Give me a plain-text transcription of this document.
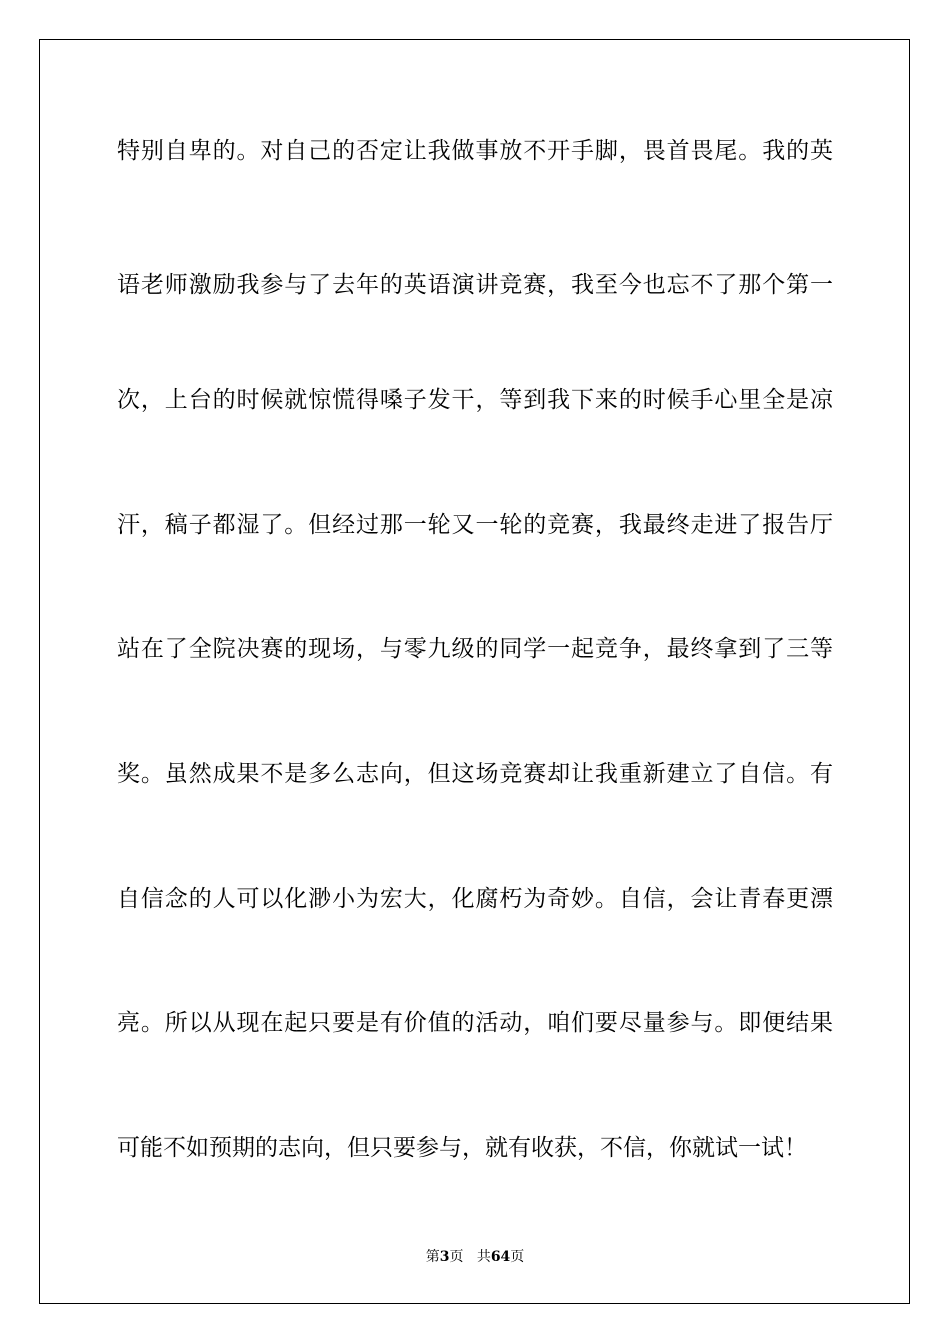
特别自卑的。对自己的否定让我做事放不开手脚，畏首畏尾。我的英
语老师激励我参与了去年的英语演讲竞赛，我至今也忘不了那个第一
次，上台的时候就惊慌得嗓子发干，等到我下来的时候手心里全是凉
汗，稿子都湿了。但经过那一轮又一轮的竞赛，我最终走进了报告厅
站在了全院决赛的现场，与零九级的同学一起竞争，最终拿到了三等
奖。虽然成果不是多么志向，但这场竞赛却让我重新建立了自信。有
自信念的人可以化渺小为宏大，化腐朽为奇妙。自信，会让青春更漂
亮。所以从现在起只要是有价值的活动，咱们要尽量参与。即便结果
可能不如预期的志向，但只要参与，就有收获，不信，你就试一试！
第3页 共64页
